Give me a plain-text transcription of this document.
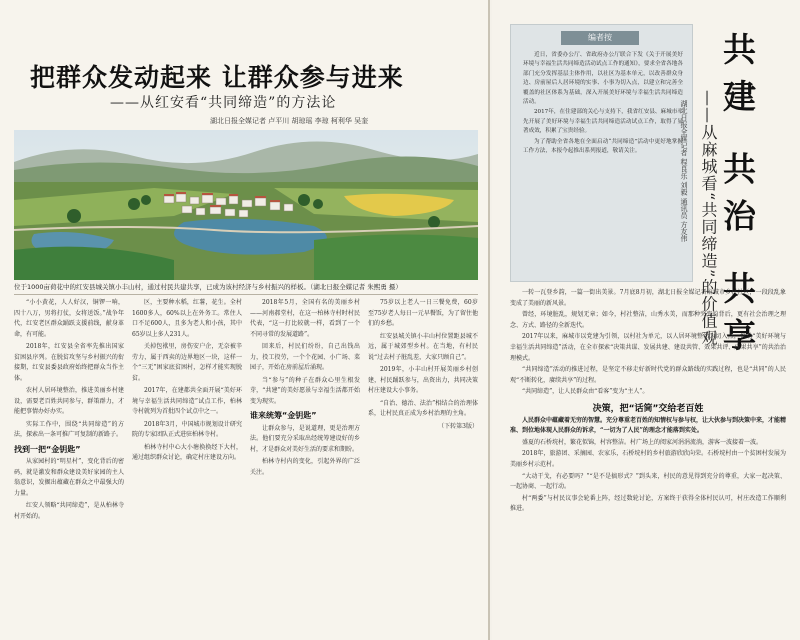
把群众发动起来 让群众参与进来
——从红安看“共同缔造”的方法论
湖北日报全媒记者 卢平川 胡琼瑶 李琼 柯利华 吴奎
位于1000亩荷花中的红安县城关镇小丰山村，通过村民共建共享，已成为该村经济与乡村振兴的样板。（湖北日报全媒记者 朱熙勇 摄）

“小小黄花，人人好汉，铜锣一响，四十八万，男将打仗，女将送饭。”战争年代，红安老区群众踊跃支援前线，献身革命，有可能。

2018年，红安县全省率先推出国家贫困县序列。在脱贫攻坚与乡村振兴的衔接期，红安县委县政府始终把群众当作主体。

农村人居环境整治，推进美丽乡村建设，需要老百姓共同参与，群策群力，才能把事情办好办实。

实际工作中，围绕“共同缔造”的方法，探索出一条可推广可复制的新路子。

找到一把“金钥匙”

从家园村的“明星村”，变化背后的密码，就是激发和群众建设美好家园的主人翁意识，发掘出蕴藏在群众之中最强大的力量。

红安人领略“共同缔造”，是从柏林寺村开始的。

区，主要种水稻，红薯，花生。全村1600多人，60%以上在外务工。常住人口不足600人，且多为老人和小孩，其中65岁以上多人231人。

关掉包袱里，房伤安户企，无奈被辛劳力，属于西卖的边界地区一块，这样一个“三无”困家底贫困村，怎样才能实现脱贫。

2017年，在建都共全面开展“美好环境与幸福生活共同缔造”试点工作，柏林寺村就列为首批四个试点中之一。

2018年3月，中国城市规划设计研究院的专家团队正式进驻柏林寺村。

柏林寺村中心大小塘换换经下大村，通过组织群众讨论，确定村庄建设方向。

2018年5月，全国有名的美丽乡村——河南郝堂村，在这一柏林寺村时村民代表，“这一打比较就一样，看到了一个不同寻常的发展道路”。

回来后，村民们纷纷，自己出钱出力，投工投劳，一个个花园、小广场、菜园子，开始在房前屋后涌现。

当“参与”的种子在群众心里生根发芽，“共建”的美好愿景与幸福生活都开始变为现实。

谁来统筹“金钥匙”

让群众参与，是说道理，更是治理方法。他们要充分采取出经统筹建设好的乡村，才是群众对美好生活的要求和期盼。

柏林寺村内的变化，引起外界的广泛关注。

75岁以上老人一日三餐免费，60岁至75岁老人每日一元早餐饭，为了留住他们的乡愁。

红安县城关镇小丰山村位置距县城不远，属于城郊型乡村。在当地，有村民说“过去村子脏乱差，大家只顾自己”。

2019年，小丰山村开展美丽乡村创建，村民踊跃参与，出资出力，共同决策村庄建设大小事务。

“自治、德治、法治”相结合的治理体系，让村民真正成为乡村治理的主角。

（下转第3版）
编者按

近日，省委办公厅、省政府办公厅联合下发《关于开展美好环境与幸福生活共同缔造活动试点工作的通知》，要求全省各地各部门充分发挥基层主体作用，以社区为基本单元，以改善群众身边、房前屋后人居环境的实事、小事为切入点，以建立和完善全覆盖的社区体系为基础，深入开展美好环境与幸福生活共同缔造活动。

2017年，在住建部的关心与支持下，我省红安县、麻城市率先开展了美好环境与幸福生活共同缔造活动试点工作，取得了显著成效，积累了宝贵经验。

为了帮助全省各地在全面启动“共同缔造”活动中更好地掌握工作方法，本报今起推出系列报道，敬请关注。	共建 共治 共享
——从麻城看“共同缔造”的价值观
湖北日报全媒记者 程良乐 刘毅 通讯员 方友伟

一转一瓦登乡韵，一篇一街出美景。7月底8月初，湖北日报全媒记者麻城市乡村社区，一段段乱象变成了美丽的新风景。

曾经，环境脏乱，规划无章；如今，村社整洁，山秀水美，而那种突变的背后，更有社会治理之理念、方式、路径的全新迭代。

2017年以来，麻城市以党建为引领，以村社为单元，以人居环境整治为切入点，推动“美好环境与幸福生活共同缔造”活动，在全市探索“决策共谋、发展共建、建设共管、效果共评、成果共享”的共治治理模式。

“共同缔造”活动的推进过程，是坚定不移走好新时代党的群众路线的实践过程，也是“共同”的人民观“不断转化，赓续共享”的过程。

“共同缔造”，让人民群众由“看客”变为“主人”。

决策，把“话筒”交给老百姓

人民群众中蕴藏着无穷的智慧。充分尊重老百姓的知情权与参与权，让大伙参与到决策中来，才能精准、到位地体现人民群众的诉求，“一切为了人民”的理念才能落到实处。

盛夏的石桥垸村，繁花似锦，村容整洁。村广场上的阅家河涓涓流淌，游客一波接着一波。

2018年，旅游团、采摘园、农家乐，石桥垸村的乡村旅游欣欣向荣。石桥垸村由一个贫困村发展为美丽乡村示范村。

“大动干戈，有必要吗？”“是不是搞形式？”到头来，村民的意见得到充分的尊重，大家一起决策、一起协商、一起行动。

村“两委”与村民议事会轮番上阵，经过数轮讨论，方案终于获得全体村民认可，村庄改造工作顺利推进。
